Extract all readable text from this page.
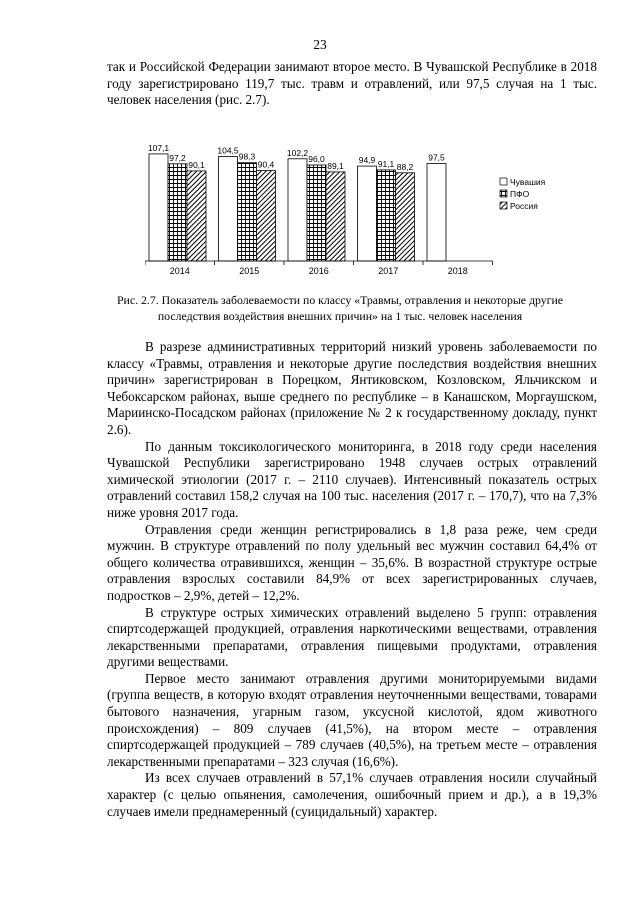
23

так и Российской Федерации занимают второе место. В Чувашской Республике в 2018 году зарегистрировано 119,7 тыс. травм и отравлений, или 97,5 случая на 1 тыс. человек населения (рис. 2.7).

107,1
97,2
90,1
2014
104,5
98,3
90,4
2015
102,2
96,0
89,1
2016
94,9 91,1 88,2
2017
97,5
2018
Чувашия
ПФО
Россия
Рис. 2.7. Показатель заболеваемости по классу «Травмы, отравления и некоторые другие последствия воздействия внешних причин» на 1 тыс. человек населения

В разрезе административных территорий низкий уровень заболеваемости по классу «Травмы, отравления и некоторые другие последствия воздействия внешних причин» зарегистрирован в Порецком, Янтиковском, Козловском, Яльчикском и Чебоксарском районах, выше среднего по республике – в Канашском, Моргаушском, Мариинско-Посадском районах (приложение № 2 к государственному докладу, пункт 2.6).

По данным токсикологического мониторинга, в 2018 году среди населения Чувашской Республики зарегистрировано 1948 случаев острых отравлений химической этиологии (2017 г. – 2110 случаев). Интенсивный показатель острых отравлений составил 158,2 случая на 100 тыс. населения (2017 г. – 170,7), что на 7,3% ниже уровня 2017 года.

Отравления среди женщин регистрировались в 1,8 раза реже, чем среди мужчин. В структуре отравлений по полу удельный вес мужчин составил 64,4% от общего количества отравившихся, женщин – 35,6%. В возрастной структуре острые отравления взрослых составили 84,9% от всех зарегистрированных случаев, подростков – 2,9%, детей – 12,2%.

В структуре острых химических отравлений выделено 5 групп: отравления спиртсодержащей продукцией, отравления наркотическими веществами, отравления лекарственными препаратами, отравления пищевыми продуктами, отравления другими веществами.

Первое место занимают отравления другими мониторируемыми видами (группа веществ, в которую входят отравления неуточненными веществами, товарами бытового назначения, угарным газом, уксусной кислотой, ядом животного происхождения) – 809 случаев (41,5%), на втором месте – отравления спиртсодержащей продукцией – 789 случаев (40,5%), на третьем месте – отравления лекарственными препаратами – 323 случая (16,6%).

Из всех случаев отравлений в 57,1% случаев отравления носили случайный характер (с целью опьянения, самолечения, ошибочный прием и др.), а в 19,3% случаев имели преднамеренный (суицидальный) характер.
